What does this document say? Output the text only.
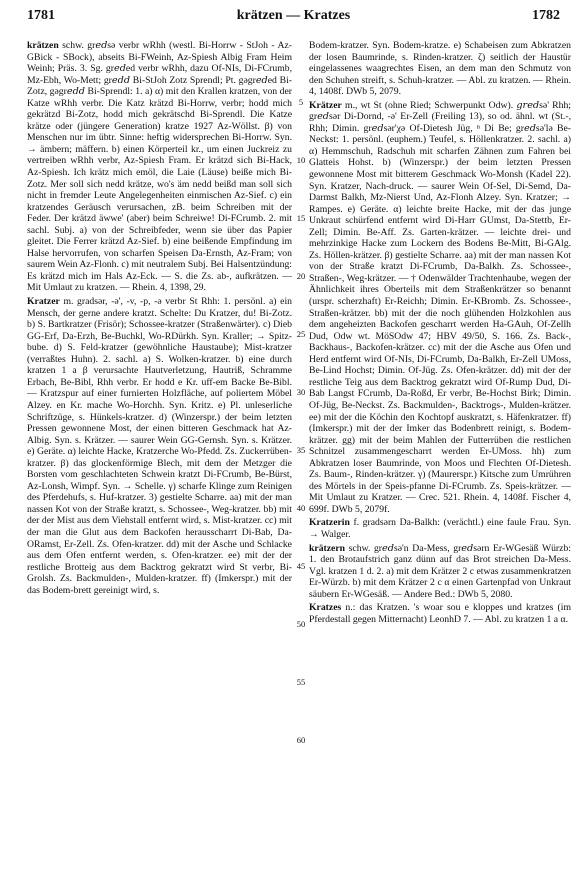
1781	krätzen — Kratzes	1782

krätzen schw. gr𝑒𝑑sə verbr wRhh (westl. Bi-Horrw - StJoh - Az-GBick - SBock), abseits Bi-FWeinh, Az-Spiesh Albig Fram Heim Weinh; Präs. 3. Sg. gr𝑒𝑑ed verbr wRhh, dazu Of-NIs, Di-FCrumb, Mz-Ebh, Wo-Mett; gr𝑒𝑑𝑑 Bi-StJoh Zotz Sprendl; Pt. gəgr𝑒𝑑ed Bi-Zotz, gəgr𝑒𝑑𝑑 Bi-Sprendl: 1. a) α) mit den Krallen kratzen, von der Katze wRhh verbr. Die Katz krätzd Bi-Horrw, verbr; hodd mich gekrätzd Bi-Zotz, hodd mich gekrätschd Bi-Sprendl. Die Katze krätze oder (jüngere Generation) kratze 1927 Az-Wöllst. β) von Menschen nur im übtr. Sinne: heftig widersprechen Bi-Horrw. Syn. → ämbern; mäffern. b) einen Körperteil kr., um einen Juckreiz zu vertreiben wRhh verbr, Az-Spiesh Fram. Er krätzd sich Bi-Hack, Az-Spiesh. Ich krätz mich emöl, die Laie (Läuse) beiße mich Bi-Zotz. Mer soll sich nedd krätze, wo's äm nedd beißd man soll sich nicht in fremder Leute Angelegenheiten einmischen Az-Sief. c) ein kratzendes Geräusch verursachen, zB. beim Schreiben mit der Feder. Der krätzd äwwe' (aber) beim Schreiwe! Di-FCrumb. 2. mit sachl. Subj. a) von der Schreibfeder, wenn sie über das Papier gleitet. Die Ferrer krätzd Az-Sief. b) eine beißende Empfindung im Halse hervorrufen, von scharfen Speisen Da-Ernsth, Az-Fram; von saurem Wein Az-Flonh. c) mit neutralem Subj. Bei Halsentzündung: Es krätzd mich im Hals Az-Eck. — S. die Zs. ab-, aufkrätzen. — Mit Umlaut zu kratzen. — Rhein. 4, 1398, 29.

Kratzer m. gradsər, -ə', -v, -p, -ə verbr St Rhh: 1. persönl. a) ein Mensch, der gerne andere kratzt. Schelte: Du Kratzer, du! Bi-Zotz. b) S. Bartkratzer (Frisör); Schossee-kratzer (Straßenwärter). c) Dieb GG-Erf, Da-Erzh, Be-Buchkl, Wo-RDürkh. Syn. Kraller; → Spitz-bube. d) S. Feld-kratzer (gewöhnliche Haustaube); Mist-kratzer (verraßtes Huhn). 2. sachl. a) S. Wolken-kratzer. b) eine durch kratzen 1 a β verursachte Hautverletzung, Hautriß, Schramme Erbach, Be-Bibl, Rhh verbr. Er hodd e Kr. uff-em Backe Be-Bibl. — Kratzspur auf einer furnierten Holzfläche, auf poliertem Möbel Alzey. en Kr. mache Wo-Horchh. Syn. Kritz. e) Pl. unleserliche Schriftzüge, s. Hünkels-kratzer. d) (Winzerspr.) der beim letzten Pressen gewonnene Most, der einen bitteren Geschmack hat Az-Albig. Syn. s. Krätzer. — saurer Wein GG-Gernsh. Syn. s. Krätzer. e) Geräte. α) leichte Hacke, Kratzerche Wo-Pfedd. Zs. Zuckerrüben-kratzer. β) das glockenförmige Blech, mit dem der Metzger die Borsten vom geschlachteten Schwein kratzt Di-FCrumb, Be-Bürst, Az-Lonsh, Wimpf. Syn. → Schelle. γ) scharfe Klinge zum Reinigen des Pferdehufs, s. Huf-kratzer. 3) gestielte Scharre. aa) mit der man nassen Kot von der Straße kratzt, s. Schossee-, Weg-kratzer. bb) mit der der Mist aus dem Viehstall entfernt wird, s. Mist-kratzer. cc) mit der man die Glut aus dem Backofen herausscharrt Di-Bab, Da-ORamst, Er-Zell. Zs. Ofen-kratzer. dd) mit der Asche und Schlacke aus dem Ofen entfernt werden, s. Ofen-kratzer. ee) mit der der restliche Brotteig aus dem Backtrog gekratzt wird St verbr, Bi-Grolsh. Zs. Backmulden-, Mulden-kratzer. ff) (Imkerspr.) mit der das Bodem-brett gereinigt wird, s.

5
10
15
20
25
30
35
40
45
50
55
60

Bodem-kratzer. Syn. Bodem-kratze. e) Schabeisen zum Abkratzen der losen Baumrinde, s. Rinden-kratzer. ζ) seitlich der Haustür eingelassenes waagrechtes Eisen, an dem man den Schmutz von den Schuhen streift, s. Schuh-kratzer. — Abl. zu kratzen. — Rhein. 4, 1408f. DWb 5, 2079.

Krätzer m., wt St (ohne Ried; Schwerpunkt Odw). 𝑔𝑟𝑒𝑑sə' Rhh; gr𝑒𝑑sər Di-Dornd, -ə' Er-Zell (Freiling 13), so od. ähnl. wt (St.-, Rhh; Dimin. gr𝑒𝑑sər'χə Of-Dietesh Jüg, ⁿ Di Be; gr𝑒𝑑sə'lə Be-Neckst: 1. persönl. (euphem.) Teufel, s. Höllenkratzer. 2. sachl. a) α) Hemmschuh, Radschuh mit scharfen Zähnen zum Fahren bei Glatteis Hohst. b) (Winzerspr.) der beim letzten Pressen gewonnene Most mit bitterem Geschmack Wo-Monsh (Kadel 22). Syn. Kratzer, Nach-druck. — saurer Wein Of-Sel, Di-Semd, Da-Darmst Balkh, Mz-Nierst Und, Az-Flonh Alzey. Syn. Kratzer; → Rampes. e) Geräte. α) leichte breite Hacke, mit der das junge Unkraut schürfend entfernt wird Di-Harr GUmst, Da-Stettb, Er-Zell; Dimin. Be-Aff. Zs. Garten-krätzer. — leichte drei- und mehrzinkige Hacke zum Lockern des Bodens Be-Mitt, Bi-GAlg. Zs. Höllen-krätzer. β) gestielte Scharre. aa) mit der man nassen Kot von der Straße kratzt Di-FCrumb, Da-Balkh. Zs. Schossee-, Straßen-, Weg-krätzer. — † Odenwälder Trachtenhaube, wegen der Ähnlichkeit ihres Oberteils mit dem Straßenkrätzer so benannt (urspr. scherzhaft) Er-Reichh; Dimin. Er-KBromb. Zs. Schossee-, Straßen-krätzer. bb) mit der die noch glühenden Holzkohlen aus dem angeheizten Backofen gescharrt werden Ha-GAuh, Of-Zellh Dud, Odw wt. MöSOdw 47; HBV 49/50, S. 166. Zs. Back-, Backhaus-, Backofen-krätzer. cc) mit der die Asche aus Ofen und Herd entfernt wird Of-NIs, Di-FCrumb, Da-Balkh, Er-Zell UMoss, Be-Lind Hochst; Dimin. Of-Jüg. Zs. Ofen-krätzer. dd) mit der der restliche Teig aus dem Backtrog gekratzt wird Of-Rump Dud, Di-Bab Langst FCrumb, Da-Roßd, Er verbr, Be-Hochst Birk; Dimin. Of-Jüg, Be-Neckst. Zs. Backmulden-, Backtrogs-, Mulden-krätzer. ee) mit der die Köchin den Kochtopf auskratzt, s. Häfenkratzer. ff) (Imkerspr.) mit der der Imker das Bodenbrett reinigt, s. Bodem-krätzer. gg) mit der beim Mahlen der Futterrüben die restlichen Schnitzel zusammengescharrt werden Er-UMoss. hh) zum Abkratzen loser Baumrinde, von Moos und Flechten Of-Dietesh. Zs. Baum-, Rinden-krätzer. γ) (Maurerspr.) Kitsche zum Umrühren des Mörtels in der Speis-pfanne Di-FCrumb. Zs. Speis-krätzer. — Mit Umlaut zu Kratzer. — Crec. 521. Rhein. 4, 1408f. Fischer 4, 699f. DWb 5, 2079f.

Kratzerin f. gradsərn Da-Balkh: (verächtl.) eine faule Frau. Syn. → Walger.

krätzern schw. gr𝑒𝑑sə'n Da-Mess, gr𝑒𝑑sərn Er-WGesäß Würzb: 1. den Brotaufstrich ganz dünn auf das Brot streichen Da-Mess. Vgl. kratzen 1 d. 2. a) mit dem Krätzer 2 c etwas zusammenkratzen Er-Würzb. b) mit dem Krätzer 2 c α einen Gartenpfad von Unkraut säubern Er-WGesäß. — Andere Bed.: DWb 5, 2080.

Kratzes n.: das Kratzen. 's woar sou e kloppes und kratzes (im Pferdestall gegen Mitternacht) LeonhD 7. — Abl. zu kratzen 1 a α.
